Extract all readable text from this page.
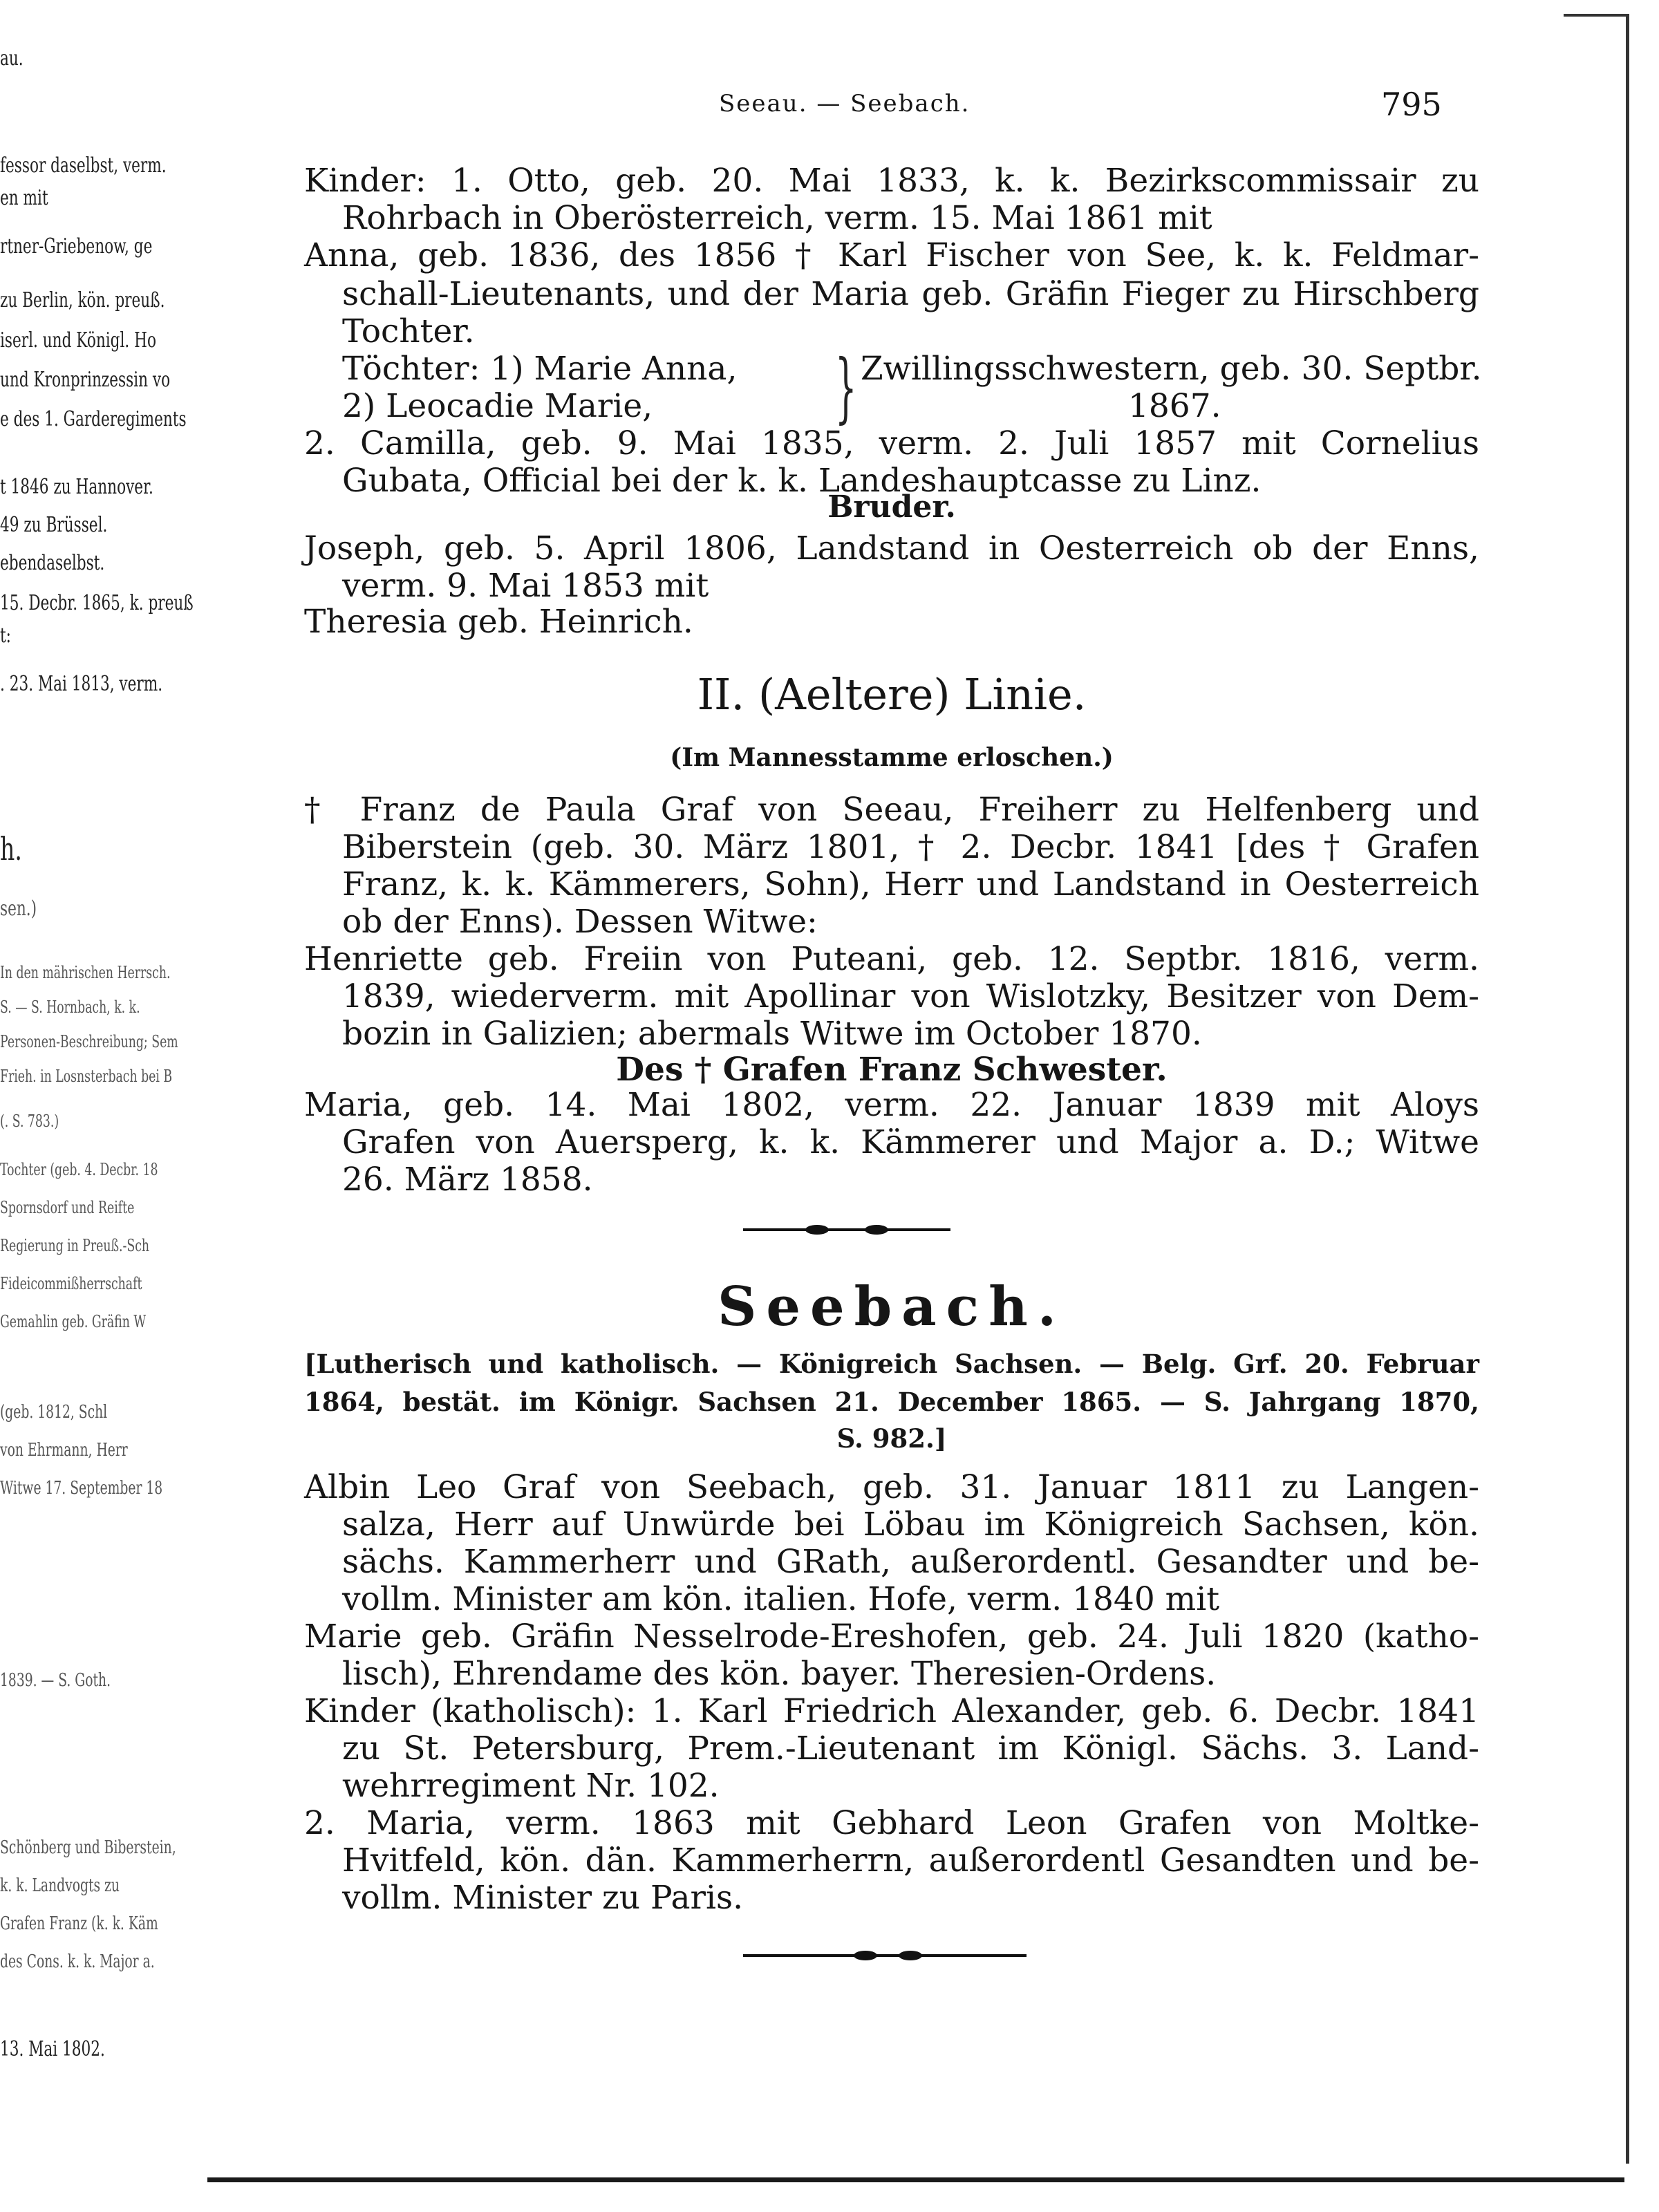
au.
fessor daselbst, verm.
en mit
rtner-Griebenow, ge
zu Berlin, kön. preuß.
iserl. und Königl. Ho
und Kronprinzessin vo
e des 1. Garderegiments
t 1846 zu Hannover.
49 zu Brüssel.
ebendaselbst.
15. Decbr. 1865, k. preuß
t:
. 23. Mai 1813, verm.
h.
sen.)
In den mährischen Herrsch.
S. — S. Hornbach, k. k.
Personen-Beschreibung; Sem
Frieh. in Losnsterbach bei B
(. S. 783.)
Tochter (geb. 4. Decbr. 18
Spornsdorf und Reifte
Regierung in Preuß.-Sch
Fideicommißherrschaft
Gemahlin geb. Gräfin W
(geb. 1812, Schl
von Ehrmann, Herr
Witwe 17. September 18
1839. — S. Goth.
Schönberg und Biberstein,
k. k. Landvogts zu
Grafen Franz (k. k. Käm
des Cons. k. k. Major a.
13. Mai 1802.
Seeau. — Seebach.	795
Kinder: 1. Otto, geb. 20. Mai 1833, k. k. Bezirkscommissair zu
Rohrbach in Oberösterreich, verm. 15. Mai 1861 mit
Anna, geb. 1836, des 1856 † Karl Fischer von See, k. k. Feldmar-
schall-Lieutenants, und der Maria geb. Gräfin Fieger zu Hirschberg
Tochter.
Töchter: 1) Marie Anna,
2) Leocadie Marie,	} Zwillingsschwestern, geb. 30. Septbr.
1867.
2. Camilla, geb. 9. Mai 1835, verm. 2. Juli 1857 mit Cornelius
Gubata, Official bei der k. k. Landeshauptcasse zu Linz.
Bruder.
Joseph, geb. 5. April 1806, Landstand in Oesterreich ob der Enns,
verm. 9. Mai 1853 mit
Theresia geb. Heinrich.
II. (Aeltere) Linie.
(Im Mannesstamme erloschen.)
† Franz de Paula Graf von Seeau, Freiherr zu Helfenberg und
Biberstein (geb. 30. März 1801, † 2. Decbr. 1841 [des † Grafen
Franz, k. k. Kämmerers, Sohn), Herr und Landstand in Oesterreich
ob der Enns). Dessen Witwe:
Henriette geb. Freiin von Puteani, geb. 12. Septbr. 1816, verm.
1839, wiederverm. mit Apollinar von Wislotzky, Besitzer von Dem-
bozin in Galizien; abermals Witwe im October 1870.
Des † Grafen Franz Schwester.
Maria, geb. 14. Mai 1802, verm. 22. Januar 1839 mit Aloys
Grafen von Auersperg, k. k. Kämmerer und Major a. D.; Witwe
26. März 1858.
Seebach.
[Lutherisch und katholisch. — Königreich Sachsen. — Belg. Grf. 20. Februar
1864, bestät. im Königr. Sachsen 21. December 1865. — S. Jahrgang 1870,
S. 982.]
Albin Leo Graf von Seebach, geb. 31. Januar 1811 zu Langen-
salza, Herr auf Unwürde bei Löbau im Königreich Sachsen, kön.
sächs. Kammerherr und GRath, außerordentl. Gesandter und be-
vollm. Minister am kön. italien. Hofe, verm. 1840 mit
Marie geb. Gräfin Nesselrode-Ereshofen, geb. 24. Juli 1820 (katho-
lisch), Ehrendame des kön. bayer. Theresien-Ordens.
Kinder (katholisch): 1. Karl Friedrich Alexander, geb. 6. Decbr. 1841
zu St. Petersburg, Prem.-Lieutenant im Königl. Sächs. 3. Land-
wehrregiment Nr. 102.
2. Maria, verm. 1863 mit Gebhard Leon Grafen von Moltke-
Hvitfeld, kön. dän. Kammerherrn, außerordentl Gesandten und be-
vollm. Minister zu Paris.
